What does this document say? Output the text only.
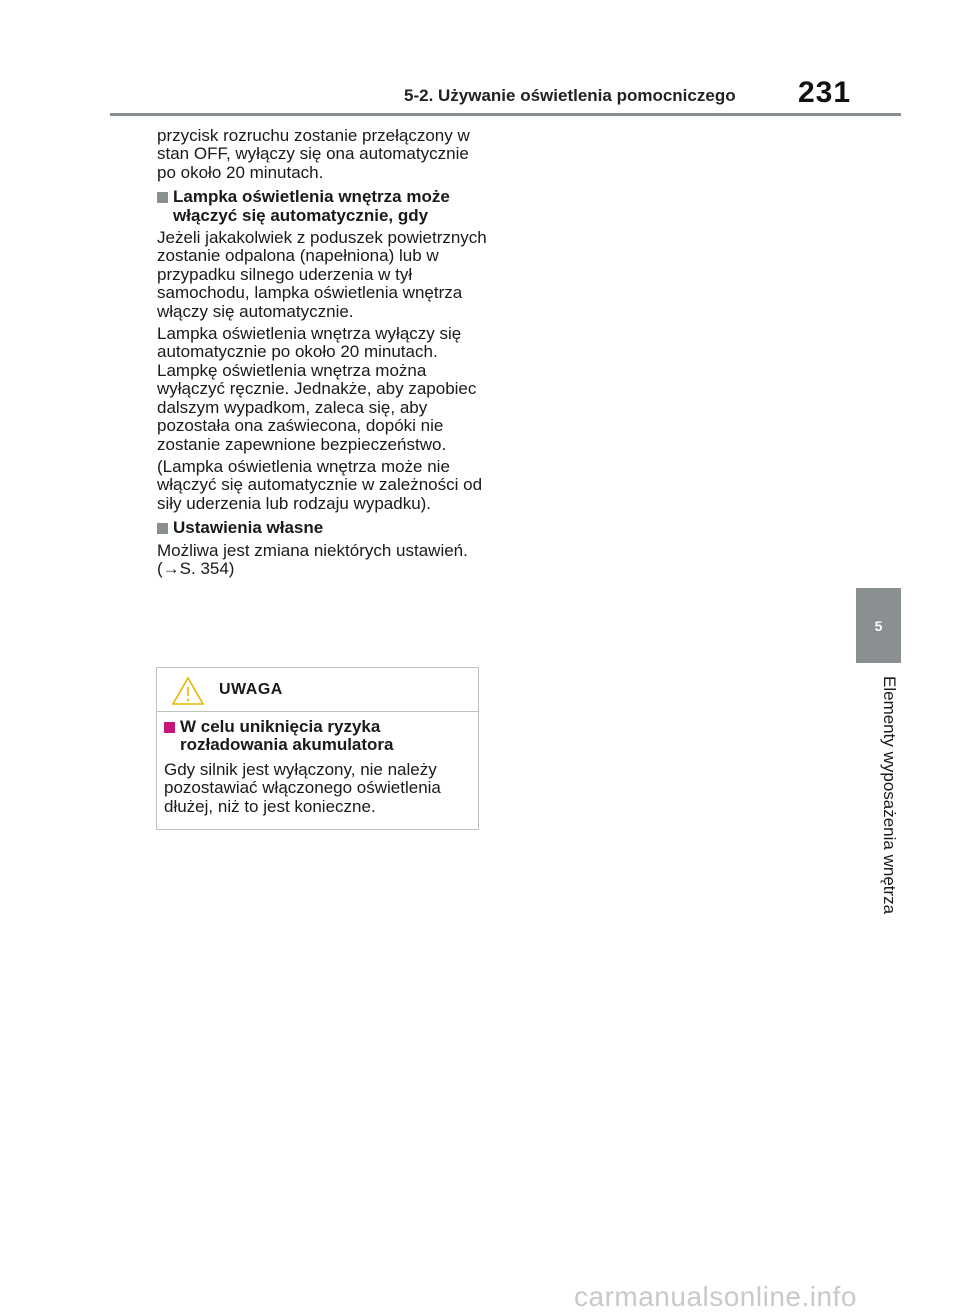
5-2. Używanie oświetlenia pomocniczego 231

przycisk rozruchu zostanie przełączony w stan OFF, wyłączy się ona automatycznie po około 20 minutach.

Lampka oświetlenia wnętrza może włączyć się automatycznie, gdy

Jeżeli jakakolwiek z poduszek powietrznych zostanie odpalona (napełniona) lub w przypadku silnego uderzenia w tył samochodu, lampka oświetlenia wnętrza włączy się automatycznie.

Lampka oświetlenia wnętrza wyłączy się automatycznie po około 20 minutach. Lampkę oświetlenia wnętrza można wyłączyć ręcznie. Jednakże, aby zapobiec dalszym wypadkom, zaleca się, aby pozostała ona zaświecona, dopóki nie zostanie zapewnione bezpieczeństwo.

(Lampka oświetlenia wnętrza może nie włączyć się automatycznie w zależności od siły uderzenia lub rodzaju wypadku).

Ustawienia własne

Możliwa jest zmiana niektórych ustawień.
(→S. 354)

UWAGA
W celu uniknięcia ryzyka rozładowania akumulatora
Gdy silnik jest wyłączony, nie należy pozostawiać włączonego oświetlenia dłużej, niż to jest konieczne.
5
Elementy wyposażenia wnętrza
carmanualsonline.info
